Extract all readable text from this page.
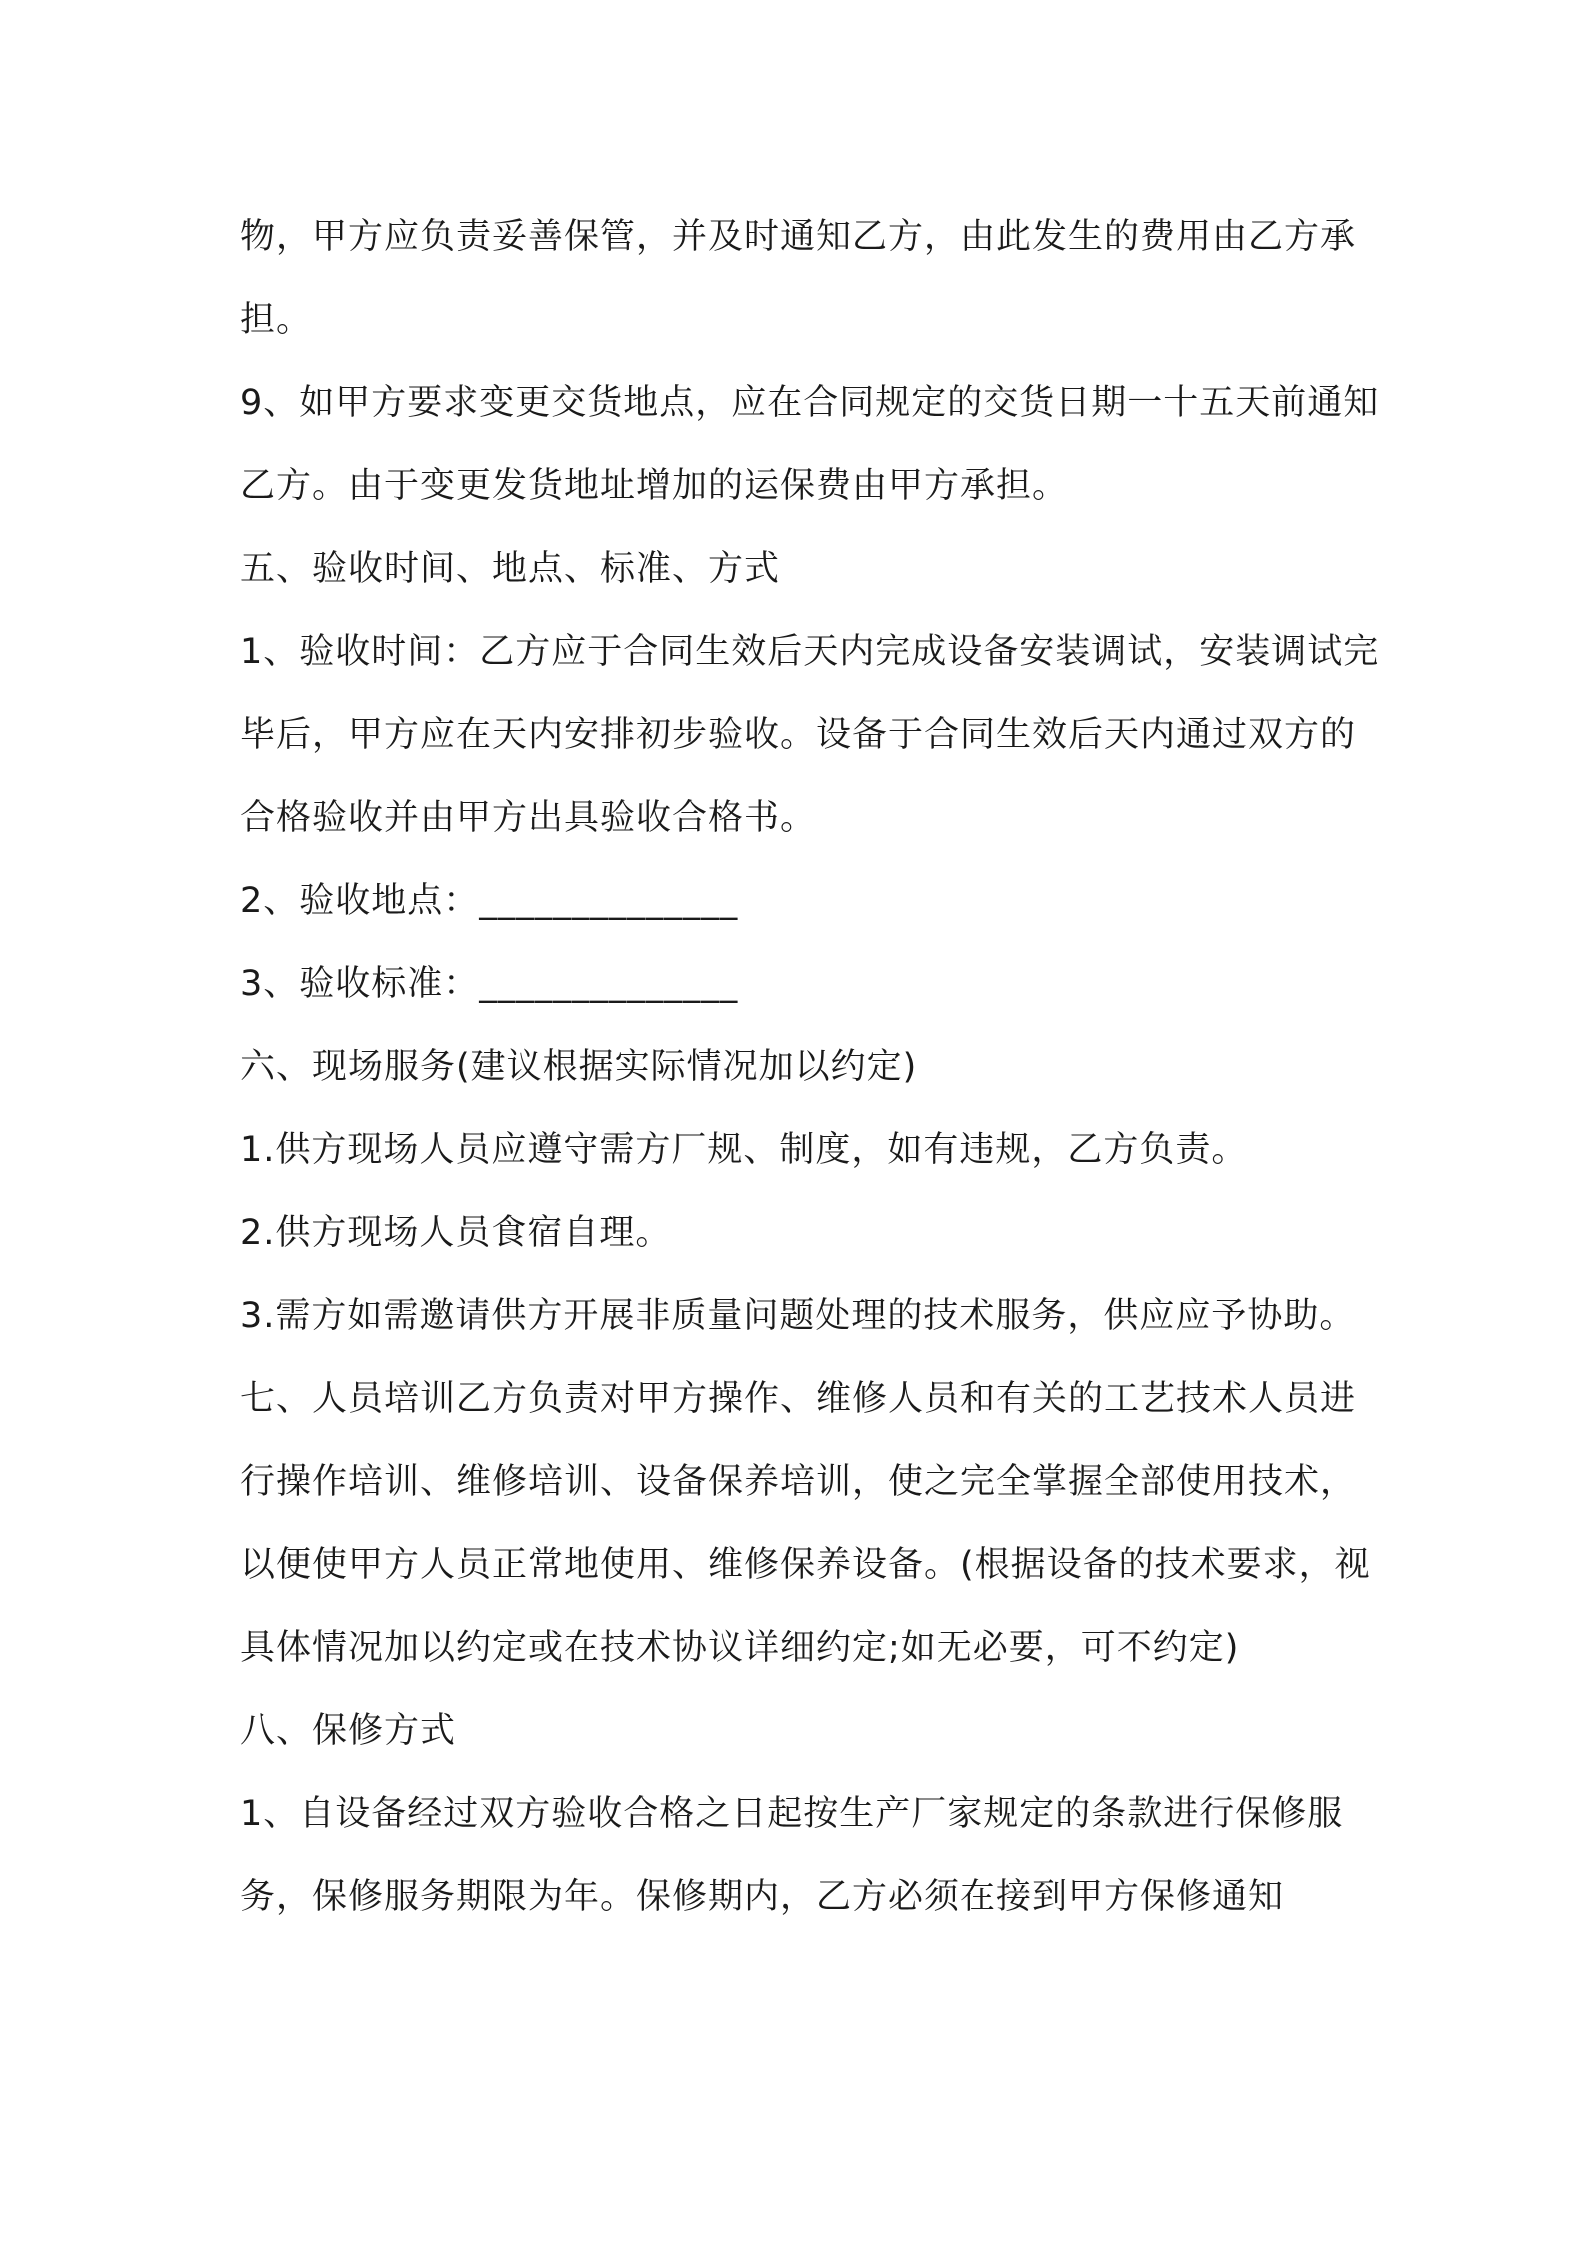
物，甲方应负责妥善保管，并及时通知乙方，由此发生的费用由乙方承担。

9、如甲方要求变更交货地点，应在合同规定的交货日期一十五天前通知乙方。由于变更发货地址增加的运保费由甲方承担。

五、验收时间、地点、标准、方式

1、验收时间：乙方应于合同生效后天内完成设备安装调试，安装调试完毕后，甲方应在天内安排初步验收。设备于合同生效后天内通过双方的合格验收并由甲方出具验收合格书。

2、验收地点：______________

3、验收标准：______________

六、现场服务(建议根据实际情况加以约定)

1.供方现场人员应遵守需方厂规、制度，如有违规，乙方负责。

2.供方现场人员食宿自理。

3.需方如需邀请供方开展非质量问题处理的技术服务，供应应予协助。

七、人员培训乙方负责对甲方操作、维修人员和有关的工艺技术人员进行操作培训、维修培训、设备保养培训，使之完全掌握全部使用技术，以便使甲方人员正常地使用、维修保养设备。(根据设备的技术要求，视具体情况加以约定或在技术协议详细约定;如无必要，可不约定)

八、保修方式

1、自设备经过双方验收合格之日起按生产厂家规定的条款进行保修服务，保修服务期限为年。保修期内，乙方必须在接到甲方保修通知
